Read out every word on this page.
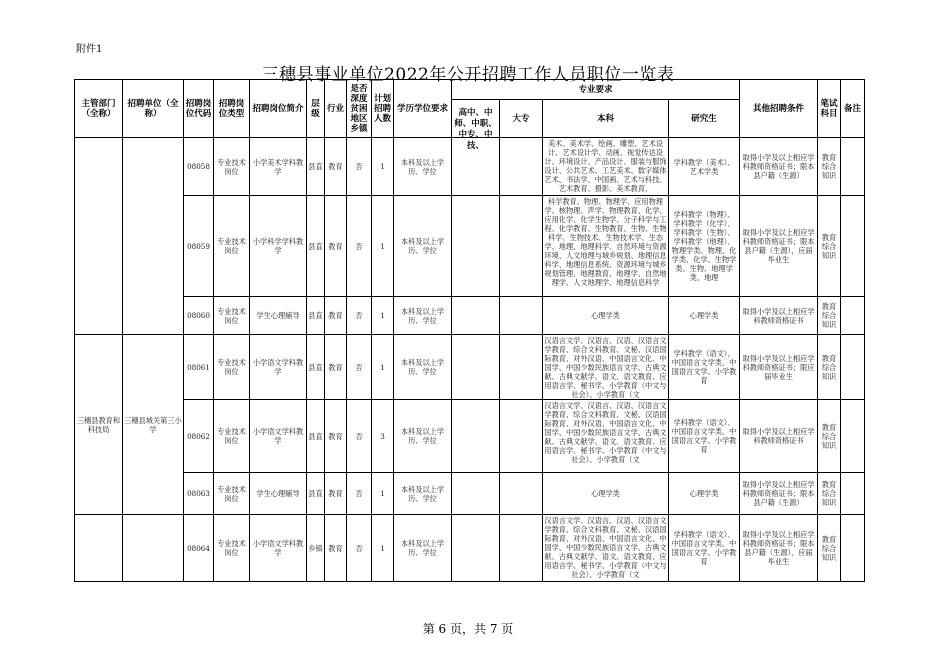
附件1
三穗县事业单位2022年公开招聘工作人员职位一览表
主管部门（全称）	招聘单位（全称）	招聘岗位代码	招聘岗位类型	招聘岗位简介	层级	行业	是否深度贫困地区乡镇	计划招聘人数	学历学位要求	专业要求				其他招聘条件	笔试科目	备注

										高中、中师、中职、中专、中技、	大专	本科	研究生			
		08058	专业技术岗位	小学美术学科教学	县直	教育	否	1	本科及以上学历、学位			美术、美术学、绘画、雕塑、艺术设计、艺术设计学、动画、视觉传达设计、环境设计、产品设计、服装与服饰设计、公共艺术、工艺美术、数字媒体艺术、书法学、中国画、艺术与科技、艺术教育、摄影、美术教育、	学科教学（美术）、艺术学类	取得小学及以上相应学科教师资格证书；限本县户籍（生源）	教育综合知识	
		08059	专业技术岗位	小学科学学科教学	县直	教育	否	1	本科及以上学历、学位			科学教育、物理、物理学、应用物理学、核物理、声学、物理教育、化学、应用化学、化学生物学、分子科学与工程、化学教育、生物教育、生物、生物科学、生物技术、生物技术学、生态学、地理、地理科学、自然环境与资源环境、人文地理与城乡规划、地理信息科学、地理信息系统、资源环境与城乡规划管理、地理教育、地理学、自然地理学、人文地理学、地理信息科学	学科教学（物理）、学科教学（化学）、学科教学（生物）、学科教学（地理）、物理学类、物理、化学类、化学、生物学类、生物、地理学类、地理	取得小学及以上相应学科教师资格证书；限本县户籍（生源），应届毕业生	教育综合知识	
		08060	专业技术岗位	学生心理辅导	县直	教育	否	1	本科及以上学历、学位			心理学类	心理学类	取得小学及以上相应学科教师资格证书	教育综合知识	
三穗县教育和科技局	三穗县城关第三小学	08061	专业技术岗位	小学语文学科教学	县直	教育	否	1	本科及以上学历、学位			汉语言文学、汉语言、汉语、汉语言文学教育、综合文科教育、文秘、汉语国际教育、对外汉语、中国语言文化、中国学、中国少数民族语言文学、古典文献、古典文献学、语文、语文教育、应用语言学、秘书学、小学教育（中文与社会）、小学教育（文	学科教学（语文）、中国语言文学类、中国语言文学、小学教育	取得小学及以上相应学科教师资格证书；限应届毕业生	教育综合知识	
		08062	专业技术岗位	小学语文学科教学	县直	教育	否	3	本科及以上学历、学位			汉语言文学、汉语言、汉语、汉语言文学教育、综合文科教育、文秘、汉语国际教育、对外汉语、中国语言文化、中国学、中国少数民族语言文学、古典文献、古典文献学、语文、语文教育、应用语言学、秘书学、小学教育（中文与社会）、小学教育（文	学科教学（语文）、中国语言文学类、中国语言文学、小学教育	取得小学及以上相应学科教师资格证书	教育综合知识	
		08063	专业技术岗位	学生心理辅导	县直	教育	否	1	本科及以上学历、学位			心理学类	心理学类	取得小学及以上相应学科教师资格证书；限本县户籍（生源）	教育综合知识	
		08064	专业技术岗位	小学语文学科教学	乡镇	教育	否	1	本科及以上学历、学位			汉语言文学、汉语言、汉语、汉语言文学教育、综合文科教育、文秘、汉语国际教育、对外汉语、中国语言文化、中国学、中国少数民族语言文学、古典文献、古典文献学、语文、语文教育、应用语言学、秘书学、小学教育（中文与社会）、小学教育（文	学科教学（语文）、中国语言文学类、中国语言文学、小学教育	取得小学及以上相应学科教师资格证书；限本县户籍（生源）、应届毕业生	教育综合知识	
第 6 页，共 7 页
